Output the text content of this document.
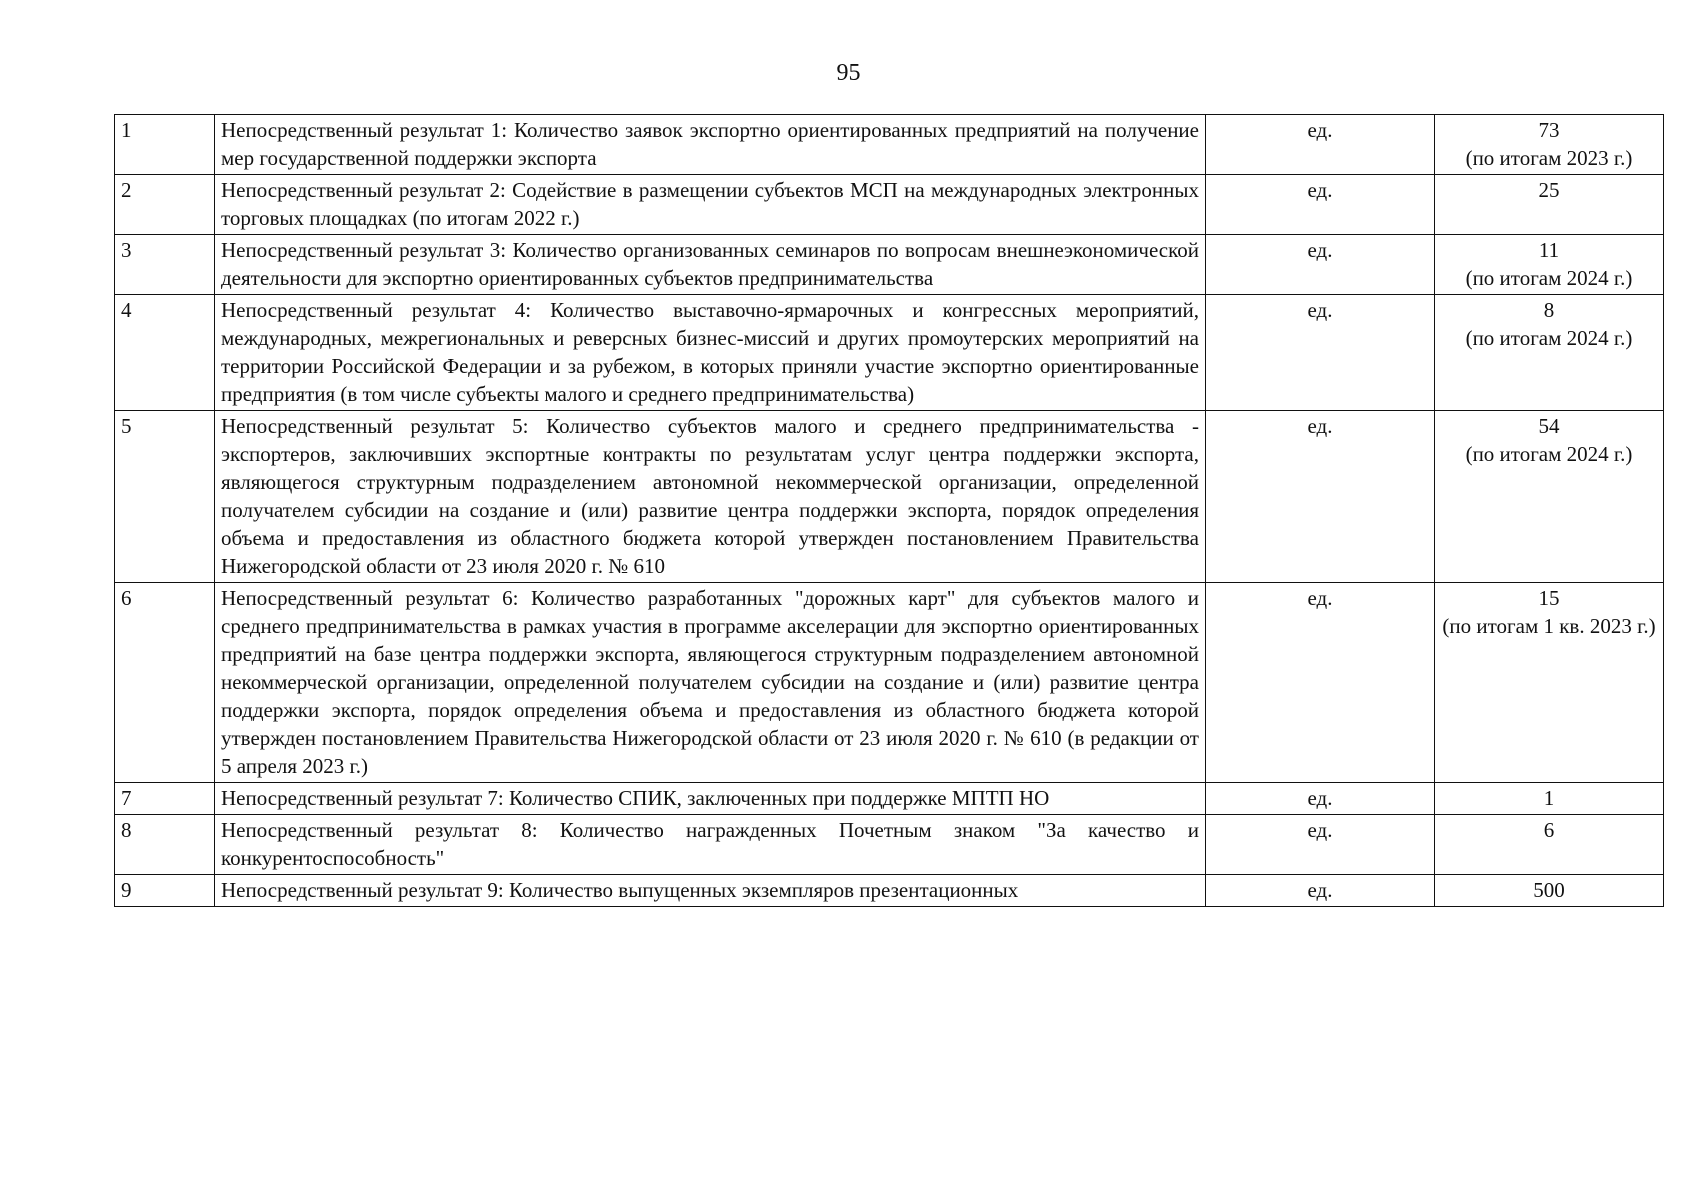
95
1	Непосредственный результат 1: Количество заявок экспортно ориентированных предприятий на получение мер государственной поддержки экспорта	ед.	73
(по итогам 2023 г.)

2	Непосредственный результат 2: Содействие в размещении субъектов МСП на международных электронных торговых площадках (по итогам 2022 г.)	ед.	25

3	Непосредственный результат 3: Количество организованных семинаров по вопросам внешнеэкономической деятельности для экспортно ориентированных субъектов предпринимательства	ед.	11
(по итогам 2024 г.)

4	Непосредственный результат 4: Количество выставочно-ярмарочных и конгрессных мероприятий, международных, межрегиональных и реверсных бизнес-миссий и других промоутерских мероприятий на территории Российской Федерации и за рубежом, в которых приняли участие экспортно ориентированные предприятия (в том числе субъекты малого и среднего предпринимательства)	ед.	8
(по итогам 2024 г.)

5	Непосредственный результат 5: Количество субъектов малого и среднего предпринимательства - экспортеров, заключивших экспортные контракты по результатам услуг центра поддержки экспорта, являющегося структурным подразделением автономной некоммерческой организации, определенной получателем субсидии на создание и (или) развитие центра поддержки экспорта, порядок определения объема и предоставления из областного бюджета которой утвержден постановлением Правительства Нижегородской области от 23 июля 2020 г. № 610	ед.	54
(по итогам 2024 г.)

6	Непосредственный результат 6: Количество разработанных "дорожных карт" для субъектов малого и среднего предпринимательства в рамках участия в программе акселерации для экспортно ориентированных предприятий на базе центра поддержки экспорта, являющегося структурным подразделением автономной некоммерческой организации, определенной получателем субсидии на создание и (или) развитие центра поддержки экспорта, порядок определения объема и предоставления из областного бюджета которой утвержден постановлением Правительства Нижегородской области от 23 июля 2020 г. № 610 (в редакции от 5 апреля 2023 г.)	ед.	15
(по итогам 1 кв. 2023 г.)

7	Непосредственный результат 7: Количество СПИК, заключенных при поддержке МПТП НО	ед.	1

8	Непосредственный результат 8: Количество награжденных Почетным знаком "За качество и конкурентоспособность"	ед.	6

9	Непосредственный результат 9: Количество выпущенных экземпляров презентационных	ед.	500
